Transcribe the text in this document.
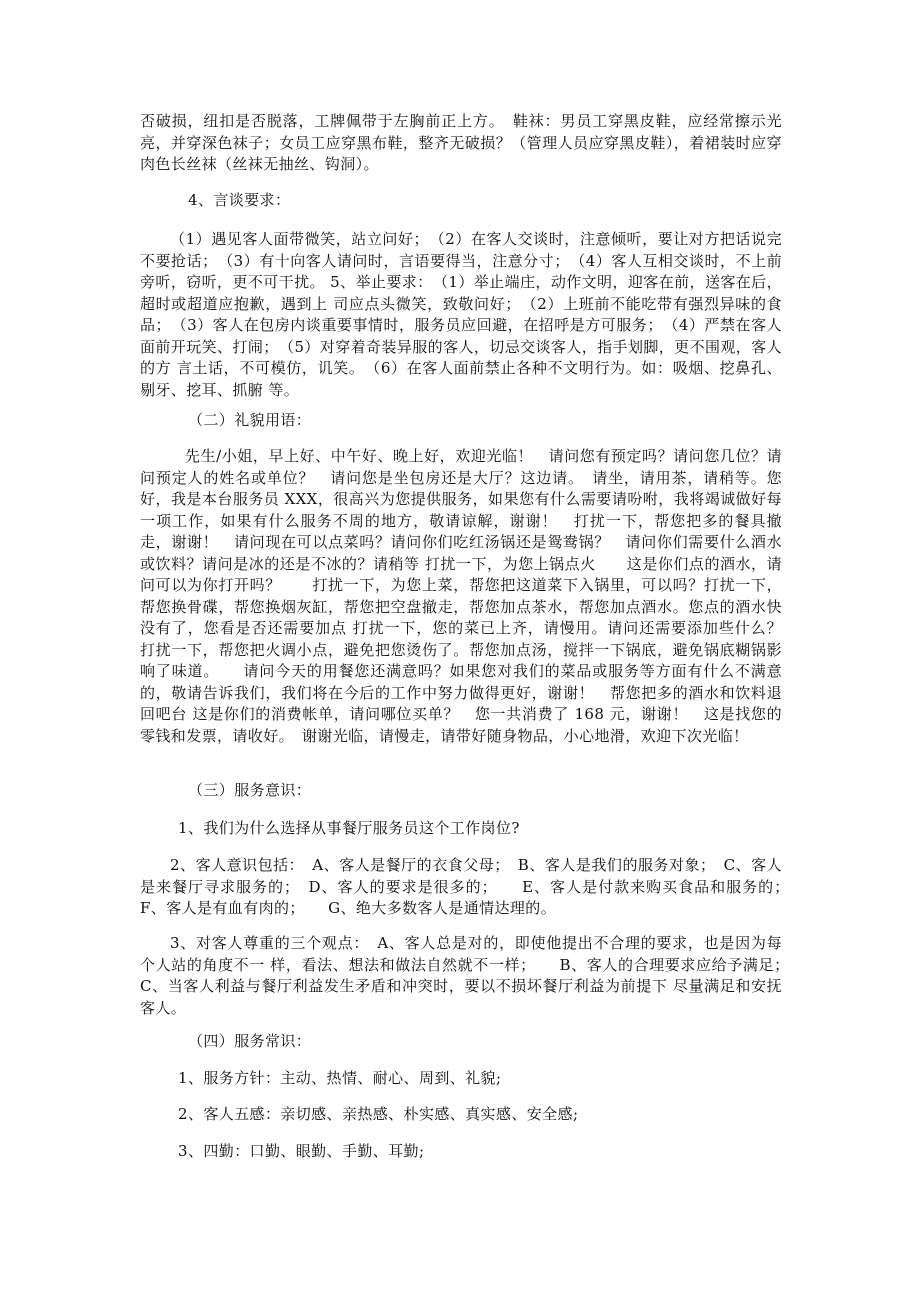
否破损，纽扣是否脱落，工牌佩带于左胸前正上方。　鞋袜：男员工穿黑皮鞋，应经常擦示光亮，并穿深色袜子；女员工应穿黑布鞋，整齐无破损？（管理人员应穿黑皮鞋），着裙装时应穿肉色长丝袜（丝袜无抽丝、钩洞）。

4、言谈要求：

（1）遇见客人面带微笑，站立问好；　（2）在客人交谈时，注意倾听，要让对方把话说完不要抢话；　（3）有十向客人请问时，言语要得当，注意分寸；　（4）客人互相交谈时，不上前旁听，窃听，更不可干扰。 5、举止要求：　（1）举止端庄，动作文明，迎客在前，送客在后，超时或超道应抱歉，遇到上 司应点头微笑，致敬问好；　（2）上班前不能吃带有强烈异味的食品；　（3）客人在包房内谈重要事情时，服务员应回避，在招呼是方可服务；　（4）严禁在客人面前开玩笑、打闹；　（5）对穿着奇装异服的客人，切忌交谈客人，指手划脚，更不围观，客人的方 言土话，不可模仿，讥笑。　（6）在客人面前禁止各种不文明行为。如：吸烟、挖鼻孔、剔牙、挖耳、抓腑 等。

（二）礼貌用语：

先生/小姐，早上好、中午好、晚上好，欢迎光临！　请问您有预定吗？请问您几位？请问预定人的姓名或单位？　请问您是坐包房还是大厅？这边请。　请坐，请用茶，请稍等。您好，我是本台服务员 XXX，很高兴为您提供服务，如果您有什么需要请吩咐，我将竭诚做好每一项工作，如果有什么服务不周的地方，敬请谅解，谢谢！　打扰一下，帮您把多的餐具撤走，谢谢！　请问现在可以点菜吗？请问你们吃红汤锅还是鸳鸯锅？　请问你们需要什么酒水或饮料？请问是冰的还是不冰的？请稍等 打扰一下，为您上锅点火　　这是你们点的酒水，请问可以为你打开吗？　　打扰一下，为您上菜，帮您把这道菜下入锅里，可以吗？打扰一下，帮您换骨碟，帮您换烟灰缸，帮您把空盘撤走，帮您加点茶水，帮您加点酒水。您点的酒水快没有了，您看是否还需要加点 打扰一下，您的菜已上齐，请慢用。请问还需要添加些什么？　打扰一下，帮您把火调小点，避免把您烫伤了。帮您加点汤，搅拌一下锅底，避免锅底糊锅影响了味道。　　请问今天的用餐您还满意吗？如果您对我们的菜品或服务等方面有什么不满意的，敬请告诉我们，我们将在今后的工作中努力做得更好，谢谢！　帮您把多的酒水和饮料退回吧台 这是你们的消费帐单，请问哪位买单？　您一共消费了 168 元，谢谢！　这是找您的零钱和发票，请收好。　谢谢光临，请慢走，请带好随身物品，小心地滑，欢迎下次光临！

（三）服务意识：

1、我们为什么选择从事餐厅服务员这个工作岗位?

2、客人意识包括：　A、客人是餐厅的衣食父母；　B、客人是我们的服务对象；　C、客人是来餐厅寻求服务的；　D、客人的要求是很多的；　　E、客人是付款来购买食品和服务的；　F、客人是有血有肉的；　　G、绝大多数客人是通情达理的。

3、对客人尊重的三个观点：　A、客人总是对的，即使他提出不合理的要求，也是因为每个人站的角度不一 样，看法、想法和做法自然就不一样；　　B、客人的合理要求应给予满足；　　C、当客人利益与餐厅利益发生矛盾和冲突时，要以不损坏餐厅利益为前提下 尽量满足和安抚客人。

（四）服务常识：

1、服务方针：主动、热情、耐心、周到、礼貌;

2、客人五感：亲切感、亲热感、朴实感、真实感、安全感;

3、四勤：口勤、眼勤、手勤、耳勤;
